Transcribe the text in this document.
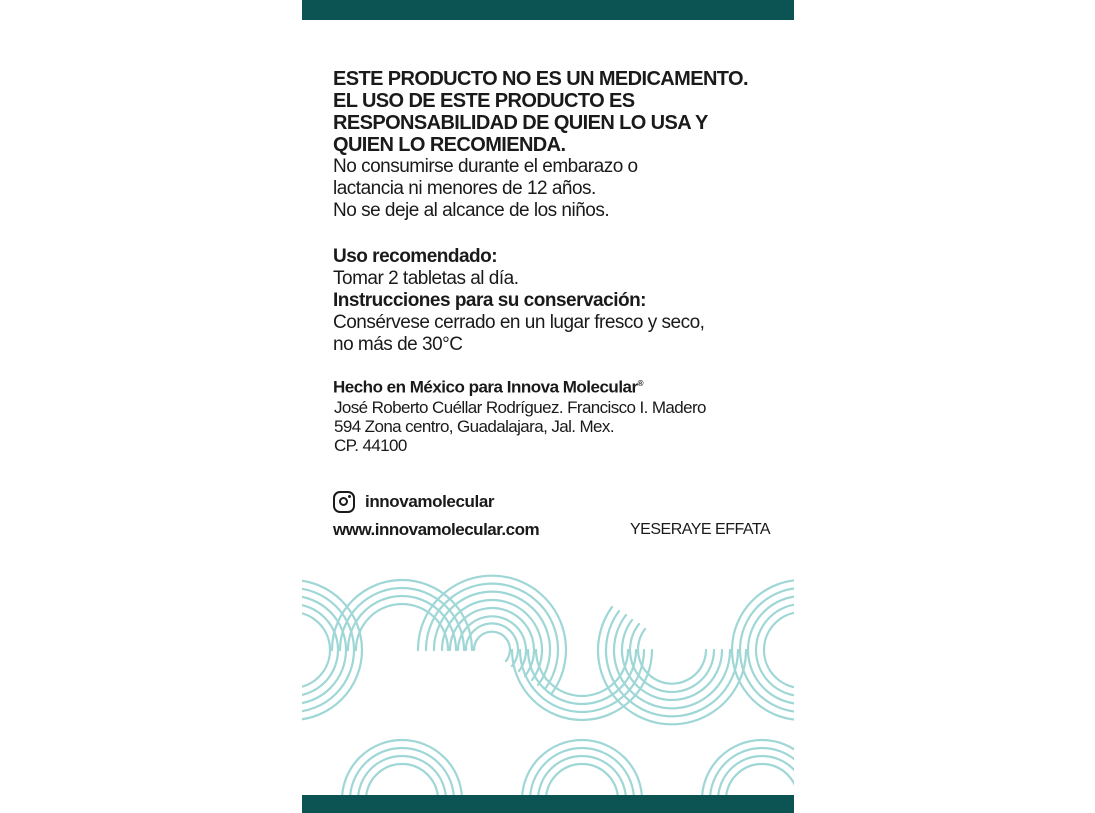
ESTE PRODUCTO NO ES UN MEDICAMENTO.

EL USO DE ESTE PRODUCTO ES

RESPONSABILIDAD DE QUIEN LO USA Y

QUIEN LO RECOMIENDA.

No consumirse durante el embarazo o

lactancia ni menores de 12 años.

No se deje al alcance de los niños.

Uso recomendado:

Tomar 2 tabletas al día.

Instrucciones para su conservación:

Consérvese cerrado en un lugar fresco y seco,

no más de 30°C

Hecho en México para Innova Molecular®

José Roberto Cuéllar Rodríguez. Francisco I. Madero

594 Zona centro, Guadalajara, Jal. Mex.

CP. 44100

innovamolecular
www.innovamolecular.com	YESERAYE EFFATA
